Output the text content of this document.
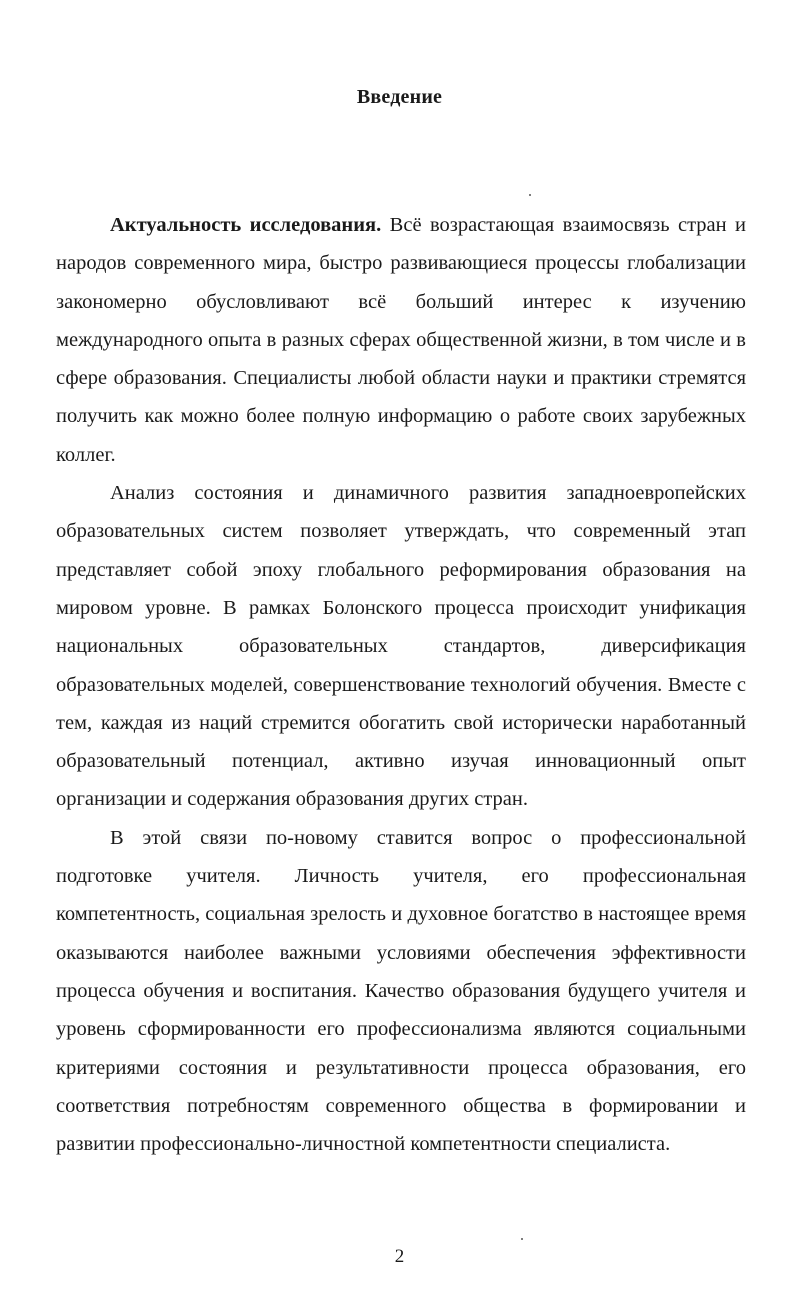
Введение

Актуальность исследования. Всё возрастающая взаимосвязь стран и народов современного мира, быстро развивающиеся процессы глобализации закономерно обусловливают всё больший интерес к изучению международного опыта в разных сферах общественной жизни, в том числе и в сфере образования. Специалисты любой области науки и практики стремятся получить как можно более полную информацию о работе своих зарубежных коллег.

Анализ состояния и динамичного развития западноевропейских образовательных систем позволяет утверждать, что современный этап представляет собой эпоху глобального реформирования образования на мировом уровне. В рамках Болонского процесса происходит унификация национальных образовательных стандартов, диверсификация образовательных моделей, совершенствование технологий обучения. Вместе с тем, каждая из наций стремится обогатить свой исторически наработанный образовательный потенциал, активно изучая инновационный опыт организации и содержания образования других стран.

В этой связи по-новому ставится вопрос о профессиональной подготовке учителя. Личность учителя, его профессиональная компетентность, социальная зрелость и духовное богатство в настоящее время оказываются наиболее важными условиями обеспечения эффективности процесса обучения и воспитания. Качество образования будущего учителя и уровень сформированности его профессионализма являются социальными критериями состояния и результативности процесса образования, его соответствия потребностям современного общества в формировании и развитии профессионально-личностной компетентности специалиста.

2
